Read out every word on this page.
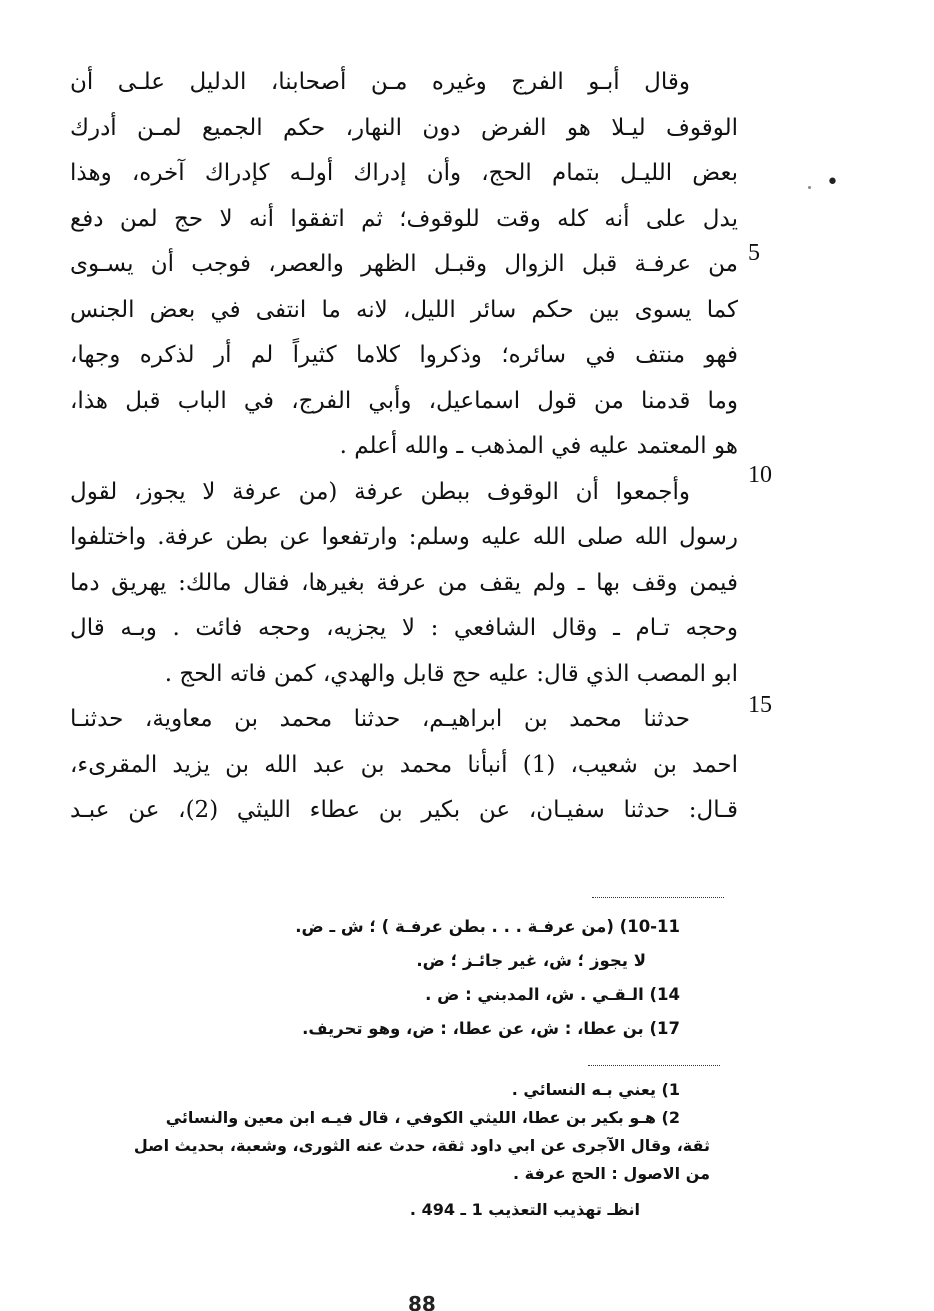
وقال أبـو الفرج وغيره مـن أصحابنا، الدليل علـى أن
الوقوف ليـلا هو الفرض دون النهار، حكم الجميع لمـن أدرك
بعض الليـل بتمام الحج، وأن إدراك أولـه كإدراك آخره، وهذا
يدل على أنه كله وقت للوقوف؛ ثم اتفقوا أنه لا حج لمن دفع
من عرفـة قبل الزوال وقبـل الظهر والعصر، فوجب أن يسـوى
كما يسوى بين حكم سائر الليل، لانه ما انتفى في بعض الجنس
فهو منتف في سائره؛ وذكروا كلاما كثيراً لم أر لذكره وجها،
وما قدمنا من قول اسماعيل، وأبي الفرج، في الباب قبل هذا،
هو المعتمد عليه في المذهب ـ والله أعلم .
وأجمعوا أن الوقوف ببطن عرفة (من عرفة لا يجوز، لقول
رسول الله صلى الله عليه وسلم: وارتفعوا عن بطن عرفة. واختلفوا
فيمن وقف بها ـ ولم يقف من عرفة بغيرها، فقال مالك: يهريق دما
وحجه تـام ـ وقال الشافعي : لا يجزيه، وحجه فائت . وبـه قال
ابو المصب الذي قال: عليه حج قابل والهدي، كمن فاته الحج .
حدثنا محمد بن ابراهيـم، حدثنا محمد بن معاوية، حدثنـا
احمد بن شعيب، (1) أنبأنا محمد بن عبد الله بن يزيد المقرىء،
قـال: حدثنا سفيـان، عن بكير بن عطاء الليثي (2)، عن عبـد
5
10
15
•
10-11) (من عرفـة . . . بطن عرفـة ) ؛ ش ـ ض.
لا يجوز ؛ ش، غير جائـز ؛ ض.
14) الـقـي . ش، المدبني : ض .
17) بن عطا، : ش، عن عطا، : ض، وهو تحريف.
1) يعني بـه النسائي .
2) هـو بكير بن عطا، الليثي الكوفي ، قال فيـه ابن معين والنسائي
ثقة، وقال الآجرى عن ابي داود ثقة، حدث عنه الثورى، وشعبة، بحديث اصل
من الاصول : الحج عرفة .
انظـ تهذيب التعذيب 1 ـ 494 .
88
